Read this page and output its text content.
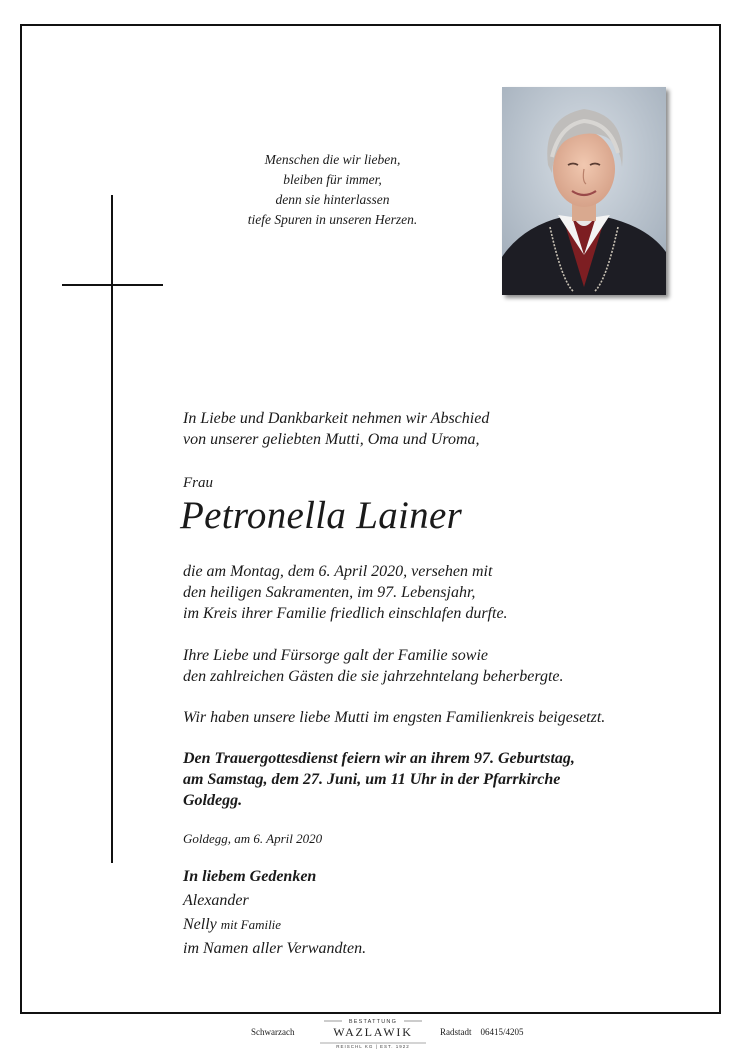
Menschen die wir lieben,
bleiben für immer,
denn sie hinterlassen
tiefe Spuren in unseren Herzen.
In Liebe und Dankbarkeit nehmen wir Abschied
von unserer geliebten Mutti, Oma und Uroma,
Frau
Petronella Lainer
die am Montag, dem 6. April 2020, versehen mit
den heiligen Sakramenten, im 97. Lebensjahr,
im Kreis ihrer Familie friedlich einschlafen durfte.
Ihre Liebe und Fürsorge galt der Familie sowie
den zahlreichen Gästen die sie jahrzehntelang beherbergte.
Wir haben unsere liebe Mutti im engsten Familienkreis beigesetzt.
Den Trauergottesdienst feiern wir an ihrem 97. Geburtstag,
am Samstag, dem 27. Juni, um 11 Uhr in der Pfarrkirche
Goldegg.
Goldegg, am 6. April 2020
In liebem Gedenken
Alexander
Nelly mit Familie
im Namen aller Verwandten.
Schwarzach
BESTATTUNG
WAZLAWIK
REISCHL KG | EST. 1922
Radstadt 06415/4205
